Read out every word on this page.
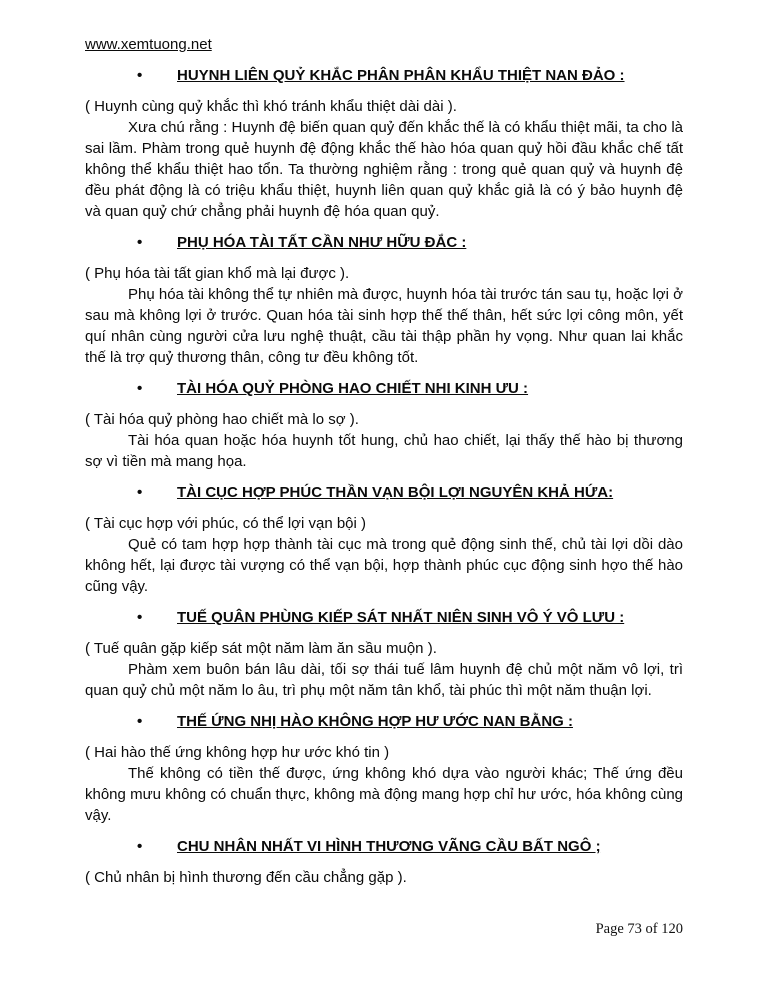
www.xemtuong.net
•	HUYNH LIÊN QUỶ KHẮC PHÂN PHÂN KHẨU THIỆT NAN ĐẢO :

( Huynh cùng quỷ khắc thì khó tránh khẩu thiệt dài dài ).

Xưa chú rằng : Huynh đệ biến quan quỷ đến khắc thế là có khẩu thiệt mãi, ta cho là sai lầm. Phàm trong quẻ huynh đệ động khắc thế hào hóa quan quỷ hồi đầu khắc chế tất không thể khẩu thiệt hao tổn. Ta thường nghiệm rằng : trong quẻ quan quỷ và huynh đệ đều phát động là có triệu khẩu thiệt, huynh liên quan quỷ khắc giả là có ý bảo huynh đệ và quan quỷ chứ chẳng phải huynh đệ hóa quan quỷ.

•	PHỤ HÓA TÀI TẤT CẦN NHƯ HỮU ĐẮC :

( Phụ hóa tài tất gian khổ mà lại được ).

Phụ hóa tài không thể tự nhiên mà được, huynh hóa tài trước tán sau tụ, hoặc lợi ở sau mà không lợi ở trước. Quan hóa tài sinh hợp thế thế thân, hết sức lợi công môn, yết quí nhân cùng người cửa lưu nghệ thuật, cầu tài thập phần hy vọng. Như quan lai khắc thế là trợ quỷ thương thân, công tư đều không tốt.

•	TÀI HÓA QUỶ PHÒNG HAO CHIẾT NHI KINH ƯU :

( Tài hóa quỷ phòng hao chiết mà lo sợ ).

Tài hóa quan hoặc hóa huynh tốt hung, chủ hao chiết, lại thấy thế hào bị thương sợ vì tiền mà mang họa.

•	TÀI CỤC HỢP PHÚC THẦN VẠN BỘI LỢI NGUYÊN KHẢ HỨA:

( Tài cục hợp với phúc, có thể lợi vạn bội )

Quẻ có tam hợp hợp thành tài cục mà trong quẻ động sinh thế, chủ tài lợi dồi dào không hết, lại được tài vượng có thể vạn bội, hợp thành phúc cục động sinh hợo thế hào cũng vậy.

•	TUẾ QUÂN PHÙNG KIẾP SÁT NHẤT NIÊN SINH VÔ Ý VÔ LƯU :

( Tuế quân gặp kiếp sát một năm làm ăn sầu muộn ).

Phàm xem buôn bán lâu dài, tối sợ thái tuế lâm huynh đệ chủ một năm vô lợi, trì quan quỷ chủ một năm lo âu, trì phụ một năm tân khổ, tài phúc thì một năm thuận lợi.

•	THẾ ỨNG NHỊ HÀO KHÔNG HỢP HƯ ƯỚC NAN BẰNG :

( Hai hào thế ứng không hợp hư ước khó tin )

Thế không có tiền thế được, ứng không khó dựa vào người khác; Thế ứng đều không mưu không có chuẩn thực, không mà động mang hợp chỉ hư ước, hóa không cùng vậy.

•	CHU NHÂN NHẤT VI HÌNH THƯƠNG VÃNG CẦU BẤT NGÔ ;

( Chủ nhân bị hình thương đến cầu chẳng gặp ).

Page 73 of 120
